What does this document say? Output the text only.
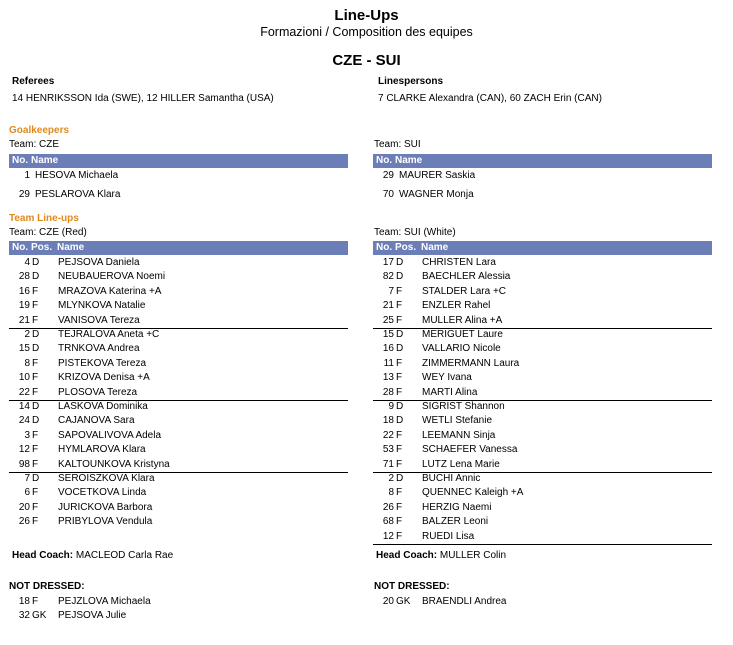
Line-Ups
Formazioni / Composition des equipes
CZE - SUI
Referees
14 HENRIKSSON Ida (SWE), 12 HILLER Samantha (USA)
Linespersons
7 CLARKE Alexandra (CAN), 60 ZACH Erin (CAN)
Goalkeepers
Team: CZE	Team: SUI
No. Name	No. Name
1 HESOVA Michaela
29 PESLAROVA Klara
29 MAURER Saskia
70 WAGNER Monja
Team Line-ups
Team: CZE (Red)	Team: SUI (White)
No. Pos. Name	No. Pos. Name
4 D PEJSOVA Daniela
28 D NEUBAUEROVA Noemi
16 F MRAZOVA Katerina +A
19 F MLYNKOVA Natalie
21 F VANISOVA Tereza
2 D TEJRALOVA Aneta +C
15 D TRNKOVA Andrea
8 F PISTEKOVA Tereza
10 F KRIZOVA Denisa +A
22 F PLOSOVA Tereza
14 D LASKOVA Dominika
24 D CAJANOVA Sara
3 F SAPOVALIVOVA Adela
12 F HYMLAROVA Klara
98 F KALTOUNKOVA Kristyna
7 D SEROISZKOVA Klara
6 F VOCETKOVA Linda
20 F JURICKOVA Barbora
26 F PRIBYLOVA Vendula
17 D CHRISTEN Lara
82 D BAECHLER Alessia
7 F STALDER Lara +C
21 F ENZLER Rahel
25 F MULLER Alina +A
15 D MERIGUET Laure
16 D VALLARIO Nicole
11 F ZIMMERMANN Laura
13 F WEY Ivana
28 F MARTI Alina
9 D SIGRIST Shannon
18 D WETLI Stefanie
22 F LEEMANN Sinja
53 F SCHAEFER Vanessa
71 F LUTZ Lena Marie
2 D BUCHI Annic
8 F QUENNEC Kaleigh +A
26 F HERZIG Naemi
68 F BALZER Leoni
12 F RUEDI Lisa
Head Coach: MACLEOD Carla Rae	Head Coach: MULLER Colin
NOT DRESSED:	NOT DRESSED:
18 F PEJZLOVA Michaela
32 GK PEJSOVA Julie
20 GK BRAENDLI Andrea
